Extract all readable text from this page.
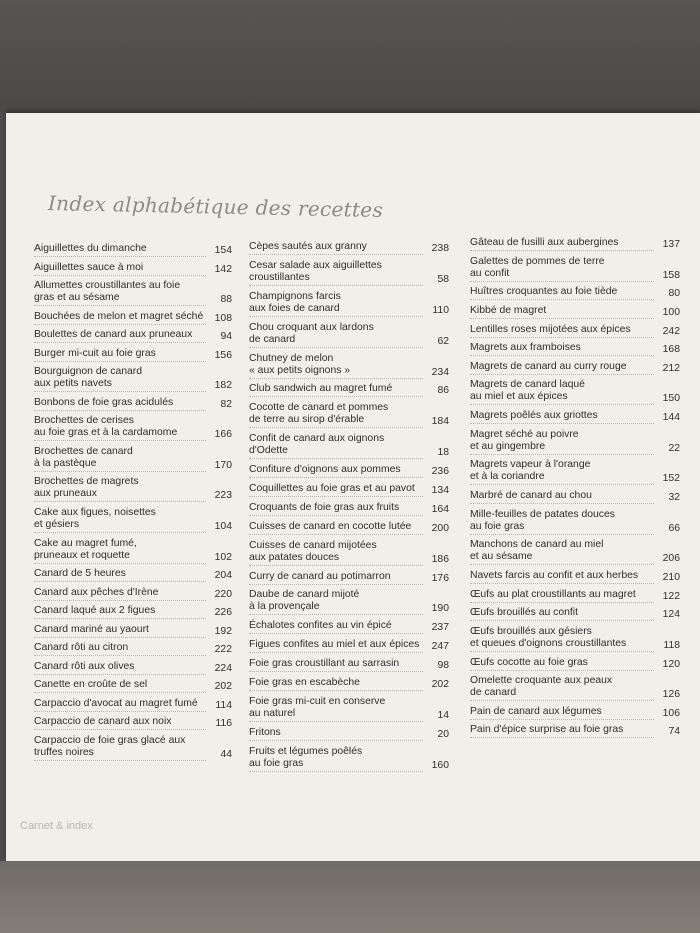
Index alphabétique des recettes
Aiguillettes du dimanche	154
Aiguillettes sauce à moi	142
Allumettes croustillantes au foie
gras et au sésame	88
Bouchées de melon et magret séché	108
Boulettes de canard aux pruneaux	94
Burger mi-cuit au foie gras	156
Bourguignon de canard
aux petits navets	182
Bonbons de foie gras acidulés	82
Brochettes de cerises
au foie gras et à la cardamome	166
Brochettes de canard
à la pastèque	170
Brochettes de magrets
aux pruneaux	223
Cake aux figues, noisettes
et gésiers	104
Cake au magret fumé,
pruneaux et roquette	102
Canard de 5 heures	204
Canard aux pêches d'Irène	220
Canard laqué aux 2 figues	226
Canard mariné au yaourt	192
Canard rôti au citron	222
Canard rôti aux olives	224
Canette en croûte de sel	202
Carpaccio d'avocat au magret fumé	114
Carpaccio de canard aux noix	116
Carpaccio de foie gras glacé aux
truffes noires	44
Cèpes sautés aux granny	238
Cesar salade aux aiguillettes
croustillantes	58
Champignons farcis
aux foies de canard	110
Chou croquant aux lardons
de canard	62
Chutney de melon
« aux petits oignons »	234
Club sandwich au magret fumé	86
Cocotte de canard et pommes
de terre au sirop d'érable	184
Confit de canard aux oignons d'Odette	18
Confiture d'oignons aux pommes	236
Coquillettes au foie gras et au pavot	134
Croquants de foie gras aux fruits	164
Cuisses de canard en cocotte lutée	200
Cuisses de canard mijotées
aux patates douces	186
Curry de canard au potimarron	176
Daube de canard mijoté
à la provençale	190
Échalotes confites au vin épicé	237
Figues confites au miel et aux épices	247
Foie gras croustillant au sarrasin	98
Foie gras en escabèche	202
Foie gras mi-cuit en conserve
au naturel	14
Fritons	20
Fruits et légumes poêlés
au foie gras	160
Gâteau de fusilli aux aubergines	137
Galettes de pommes de terre
au confit	158
Huîtres croquantes au foie tiède	80
Kibbé de magret	100
Lentilles roses mijotées aux épices	242
Magrets aux framboises	168
Magrets de canard au curry rouge	212
Magrets de canard laqué
au miel et aux épices	150
Magrets poêlés aux griottes	144
Magret séché au poivre
et au gingembre	22
Magrets vapeur à l'orange
et à la coriandre	152
Marbré de canard au chou	32
Mille-feuilles de patates douces
au foie gras	66
Manchons de canard au miel
et au sésame	206
Navets farcis au confit et aux herbes	210
Œufs au plat croustillants au magret	122
Œufs brouillés au confit	124
Œufs brouillés aux gésiers
et queues d'oignons croustillantes	118
Œufs cocotte au foie gras	120
Omelette croquante aux peaux
de canard	126
Pain de canard aux légumes	106
Pain d'épice surprise au foie gras	74
Carnet & index
